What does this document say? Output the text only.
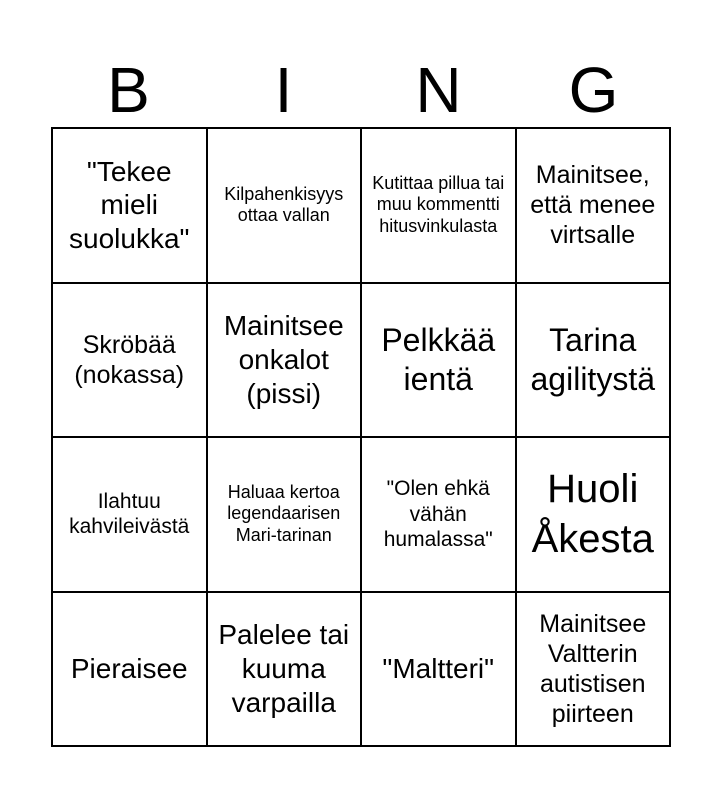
B	I	N	G
"Tekee mieli suolukka"
Kilpahenkisyys ottaa vallan
Kutittaa pillua tai muu kommentti hitusvinkulasta
Mainitsee, että menee virtsalle
Skröbää (nokassa)
Mainitsee onkalot (pissi)
Pelkkää ientä
Tarina agilitystä
Ilahtuu kahvileivästä
Haluaa kertoa legendaarisen Mari-tarinan
"Olen ehkä vähän humalassa"
Huoli Åkesta
Pieraisee
Palelee tai kuuma varpailla
"Maltteri"
Mainitsee Valtterin autistisen piirteen
